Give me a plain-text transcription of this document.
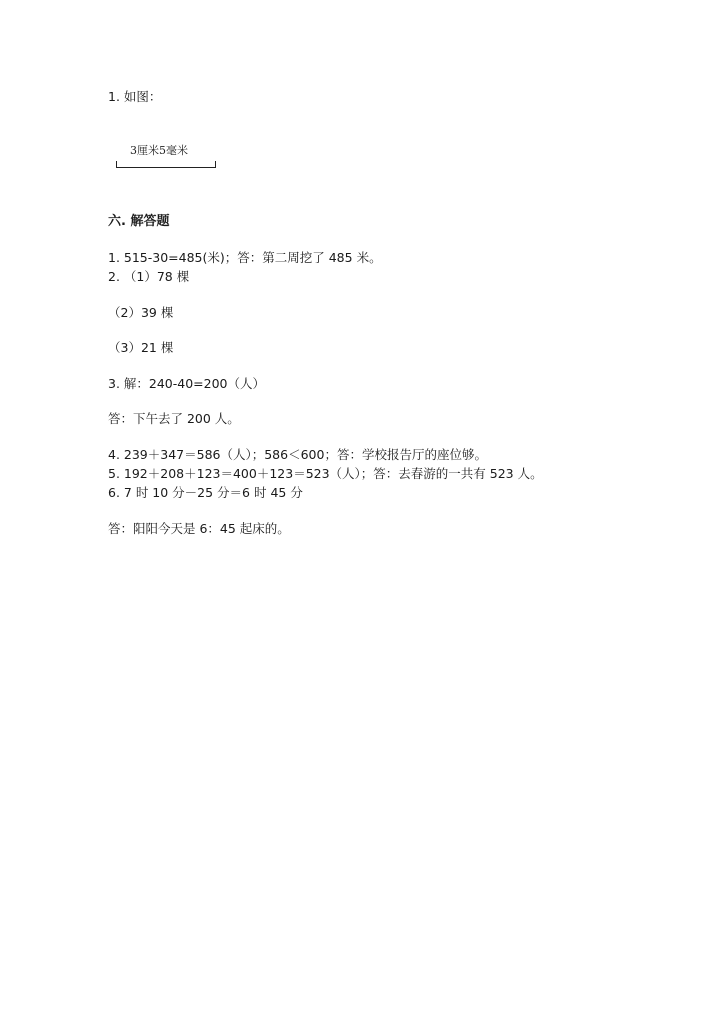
1. 如图：
3厘米5毫米
六. 解答题
1. 515-30=485(米)；答：第二周挖了 485 米。
2. （1）78 棵
（2）39 棵
（3）21 棵
3. 解：240-40=200（人）
答：下午去了 200 人。
4. 239＋347＝586（人）；586＜600；答：学校报告厅的座位够。
5. 192＋208＋123＝400＋123＝523（人）；答：去春游的一共有 523 人。
6. 7 时 10 分－25 分＝6 时 45 分
答：阳阳今天是 6：45 起床的。
